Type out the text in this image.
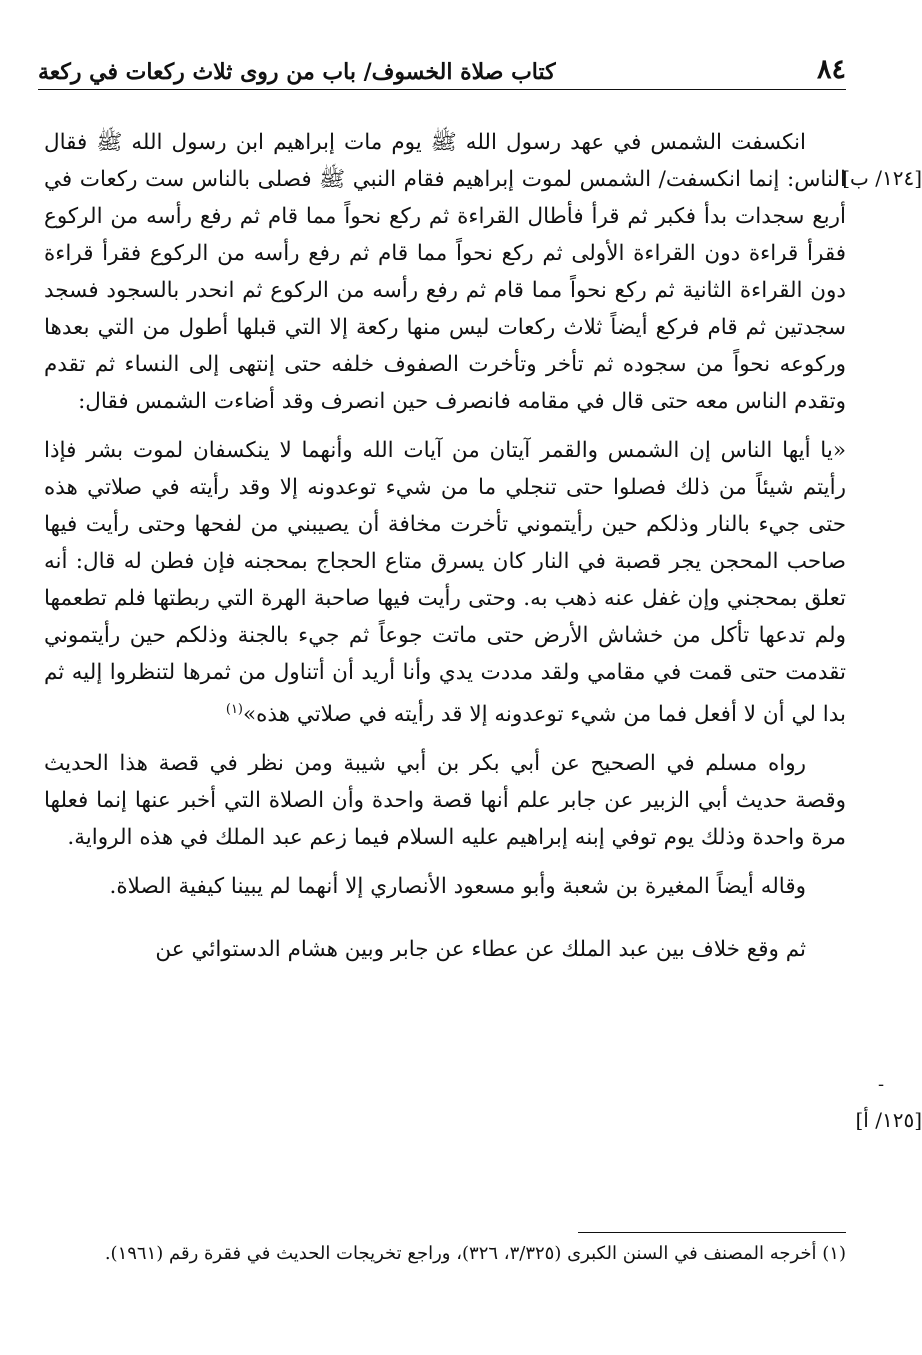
٨٤
كتاب صلاة الخسوف/ باب من روى ثلاث ركعات في ركعة
[١٢٤/ ب]
-
[١٢٥/ أ]

انكسفت الشمس في عهد رسول الله ﷺ يوم مات إبراهيم ابن رسول الله ﷺ فقال الناس: إنما انكسفت/ الشمس لموت إبراهيم فقام النبي ﷺ فصلى بالناس ست ركعات في أربع سجدات بدأ فكبر ثم قرأ فأطال القراءة ثم ركع نحواً مما قام ثم رفع رأسه من الركوع فقرأ قراءة دون القراءة الأولى ثم ركع نحواً مما قام ثم رفع رأسه من الركوع فقرأ قراءة دون القراءة الثانية ثم ركع نحواً مما قام ثم رفع رأسه من الركوع ثم انحدر بالسجود فسجد سجدتين ثم قام فركع أيضاً ثلاث ركعات ليس منها ركعة إلا التي قبلها أطول من التي بعدها وركوعه نحواً من سجوده ثم تأخر وتأخرت الصفوف خلفه حتى إنتهى إلى النساء ثم تقدم وتقدم الناس معه حتى قال في مقامه فانصرف حين انصرف وقد أضاءت الشمس فقال:

«يا أيها الناس إن الشمس والقمر آيتان من آيات الله وأنهما لا ينكسفان لموت بشر فإذا رأيتم شيئاً من ذلك فصلوا حتى تنجلي ما من شيء توعدونه إلا وقد رأيته في صلاتي هذه حتى جيء بالنار وذلكم حين رأيتموني تأخرت مخافة أن يصيبني من لفحها وحتى رأيت فيها صاحب المحجن يجر قصبة في النار كان يسرق متاع الحجاج بمحجنه فإن فطن له قال: أنه تعلق بمحجني وإن غفل عنه ذهب به. وحتى رأيت فيها صاحبة الهرة التي ربطتها فلم تطعمها ولم تدعها تأكل من خشاش الأرض حتى ماتت جوعاً ثم جيء بالجنة وذلكم حين رأيتموني تقدمت حتى قمت في مقامي ولقد مددت يدي وأنا أريد أن أتناول من ثمرها لتنظروا إليه ثم بدا لي أن لا أفعل فما من شيء توعدونه إلا قد رأيته في صلاتي هذه»$^{(١)}$

رواه مسلم في الصحيح عن أبي بكر بن أبي شيبة ومن نظر في قصة هذا الحديث وقصة حديث أبي الزبير عن جابر علم أنها قصة واحدة وأن الصلاة التي أخبر عنها إنما فعلها مرة واحدة وذلك يوم توفي إبنه إبراهيم عليه السلام فيما زعم عبد الملك في هذه الرواية.

وقاله أيضاً المغيرة بن شعبة وأبو مسعود الأنصاري إلا أنهما لم يبينا كيفية الصلاة.

ثم وقع خلاف بين عبد الملك عن عطاء عن جابر وبين هشام الدستوائي عن

(١) أخرجه المصنف في السنن الكبرى (٣/٣٢٥، ٣٢٦)، وراجع تخريجات الحديث في فقرة رقم (١٩٦١).
